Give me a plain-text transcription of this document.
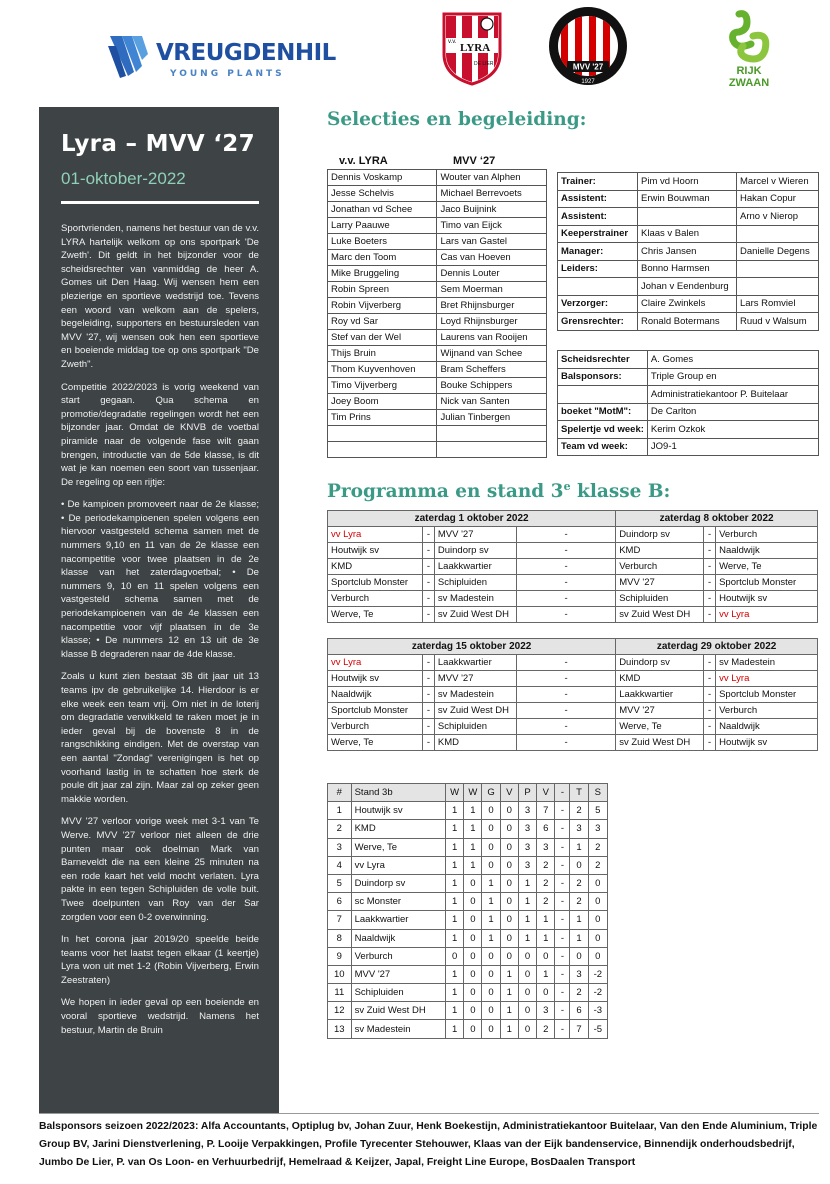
VREUGDENHIL
YOUNG PLANTS
v.v. LYRA
DE LIER	MVV '27
1927
RIJK ZWAAN
Lyra – MVV ‘27
01-oktober-2022

Sportvrienden, namens het bestuur van de v.v. LYRA hartelijk welkom op ons sportpark 'De Zweth'. Dit geldt in het bijzonder voor de scheidsrechter van vanmiddag de heer A. Gomes uit Den Haag. Wij wensen hem een plezierige en sportieve wedstrijd toe. Tevens een woord van welkom aan de spelers, begeleiding, supporters en bestuursleden van MVV '27, wij wensen ook hen een sportieve en boeiende middag toe op ons sportpark "De Zweth".

Competitie 2022/2023 is vorig weekend van start gegaan. Qua schema en promotie/degradatie regelingen wordt het een bijzonder jaar. Omdat de KNVB de voetbal piramide naar de volgende fase wilt gaan brengen, introductie van de 5de klasse, is dit wat je kan noemen een soort van tussenjaar. De regeling op een rijtje:

• De kampioen promoveert naar de 2e klasse; • De periodekampioenen spelen volgens een hiervoor vastgesteld schema samen met de nummers 9,10 en 11 van de 2e klasse een nacompetitie voor twee plaatsen in de 2e klasse van het zaterdagvoetbal; • De nummers 9, 10 en 11 spelen volgens een vastgesteld schema samen met de periodekampioenen van de 4e klassen een nacompetitie voor vijf plaatsen in de 3e klasse; • De nummers 12 en 13 uit de 3e klasse B degraderen naar de 4de klasse.

Zoals u kunt zien bestaat 3B dit jaar uit 13 teams ipv de gebruikelijke 14. Hierdoor is er elke week een team vrij. Om niet in de loterij om degradatie verwikkeld te raken moet je in ieder geval bij de bovenste 8 in de rangschikking eindigen. Met de overstap van een aantal "Zondag" verenigingen is het op voorhand lastig in te schatten hoe sterk de poule dit jaar zal zijn. Maar zal op zeker geen makkie worden.

MVV '27 verloor vorige week met 3-1 van Te Werve. MVV '27 verloor niet alleen de drie punten maar ook doelman Mark van Barneveldt die na een kleine 25 minuten na een rode kaart het veld mocht verlaten. Lyra pakte in een tegen Schipluiden de volle buit. Twee doelpunten van Roy van der Sar zorgden voor een 0-2 overwinning.

In het corona jaar 2019/20 speelde beide teams voor het laatst tegen elkaar (1 keertje) Lyra won uit met 1-2 (Robin Vijverberg, Erwin Zeestraten)

We hopen in ieder geval op een boeiende en vooral sportieve wedstrijd. Namens het bestuur, Martin de Bruin

Selecties en begeleiding:
v.v. LYRA	MVV ‘27
Dennis Voskamp	Wouter van Alphen
Jesse Schelvis	Michael Berrevoets
Jonathan vd Schee	Jaco Buijnink
Larry Paauwe	Timo van Eijck
Luke Boeters	Lars van Gastel
Marc den Toom	Cas van Hoeven
Mike Bruggeling	Dennis Louter
Robin Spreen	Sem Moerman
Robin Vijverberg	Bret Rhijnsburger
Roy vd Sar	Loyd Rhijnsburger
Stef van der Wel	Laurens van Rooijen
Thijs Bruin	Wijnand van Schee
Thom Kuyvenhoven	Bram Scheffers
Timo Vijverberg	Bouke Schippers
Joey Boom	Nick van Santen
Tim Prins	Julian Tinbergen

Trainer:	Pim vd Hoorn	Marcel v Wieren
Assistent:	Erwin Bouwman	Hakan Copur
Assistent:		Arno v Nierop
Keeperstrainer	Klaas v Balen	
Manager:	Chris Jansen	Danielle Degens
Leiders:	Bonno Harmsen	
	Johan v Eendenburg	
Verzorger:	Claire Zwinkels	Lars Romviel
Grensrechter:	Ronald Botermans	Ruud v Walsum
Scheidsrechter	A. Gomes
Balsponsors:	Triple Group en
	Administratiekantoor P. Buitelaar
boeket "MotM":	De Carlton
Spelertje vd week:	Kerim Ozkok
Team vd week:	JO9-1
Programma en stand 3e klasse B:
zaterdag 1 oktober 2022				zaterdag 8 oktober 2022		
vv Lyra	-	MVV '27	-	Duindorp sv	-	Verburch
Houtwijk sv	-	Duindorp sv	-	KMD	-	Naaldwijk
KMD	-	Laakkwartier	-	Verburch	-	Werve, Te
Sportclub Monster	-	Schipluiden	-	MVV '27	-	Sportclub Monster
Verburch	-	sv Madestein	-	Schipluiden	-	Houtwijk sv
Werve, Te	-	sv Zuid West DH	-	sv Zuid West DH	-	vv Lyra
zaterdag 15 oktober 2022				zaterdag 29 oktober 2022		
vv Lyra	-	Laakkwartier	-	Duindorp sv	-	sv Madestein
Houtwijk sv	-	MVV '27	-	KMD	-	vv Lyra
Naaldwijk	-	sv Madestein	-	Laakkwartier	-	Sportclub Monster
Sportclub Monster	-	sv Zuid West DH	-	MVV '27	-	Verburch
Verburch	-	Schipluiden	-	Werve, Te	-	Naaldwijk
Werve, Te	-	KMD	-	sv Zuid West DH	-	Houtwijk sv
#	Stand 3b	W	W	G	V	P	V	-	T	S
1	Houtwijk sv	1	1	0	0	3	7	-	2	5
2	KMD	1	1	0	0	3	6	-	3	3
3	Werve, Te	1	1	0	0	3	3	-	1	2
4	vv Lyra	1	1	0	0	3	2	-	0	2
5	Duindorp sv	1	0	1	0	1	2	-	2	0
6	sc Monster	1	0	1	0	1	2	-	2	0
7	Laakkwartier	1	0	1	0	1	1	-	1	0
8	Naaldwijk	1	0	1	0	1	1	-	1	0
9	Verburch	0	0	0	0	0	0	-	0	0
10	MVV '27	1	0	0	1	0	1	-	3	-2
11	Schipluiden	1	0	0	1	0	0	-	2	-2
12	sv Zuid West DH	1	0	0	1	0	3	-	6	-3
13	sv Madestein	1	0	0	1	0	2	-	7	-5
Balsponsors seizoen 2022/2023: Alfa Accountants, Optiplug bv, Johan Zuur, Henk Boekestijn, Administratiekantoor Buitelaar, Van den Ende Aluminium, Triple Group BV, Jarini Dienstverlening, P. Looije Verpakkingen, Profile Tyrecenter Stehouwer, Klaas van der Eijk bandenservice, Binnendijk onderhoudsbedrijf, Jumbo De Lier, P. van Os Loon- en Verhuurbedrijf, Hemelraad & Keijzer, Japal, Freight Line Europe, BosDaalen Transport
